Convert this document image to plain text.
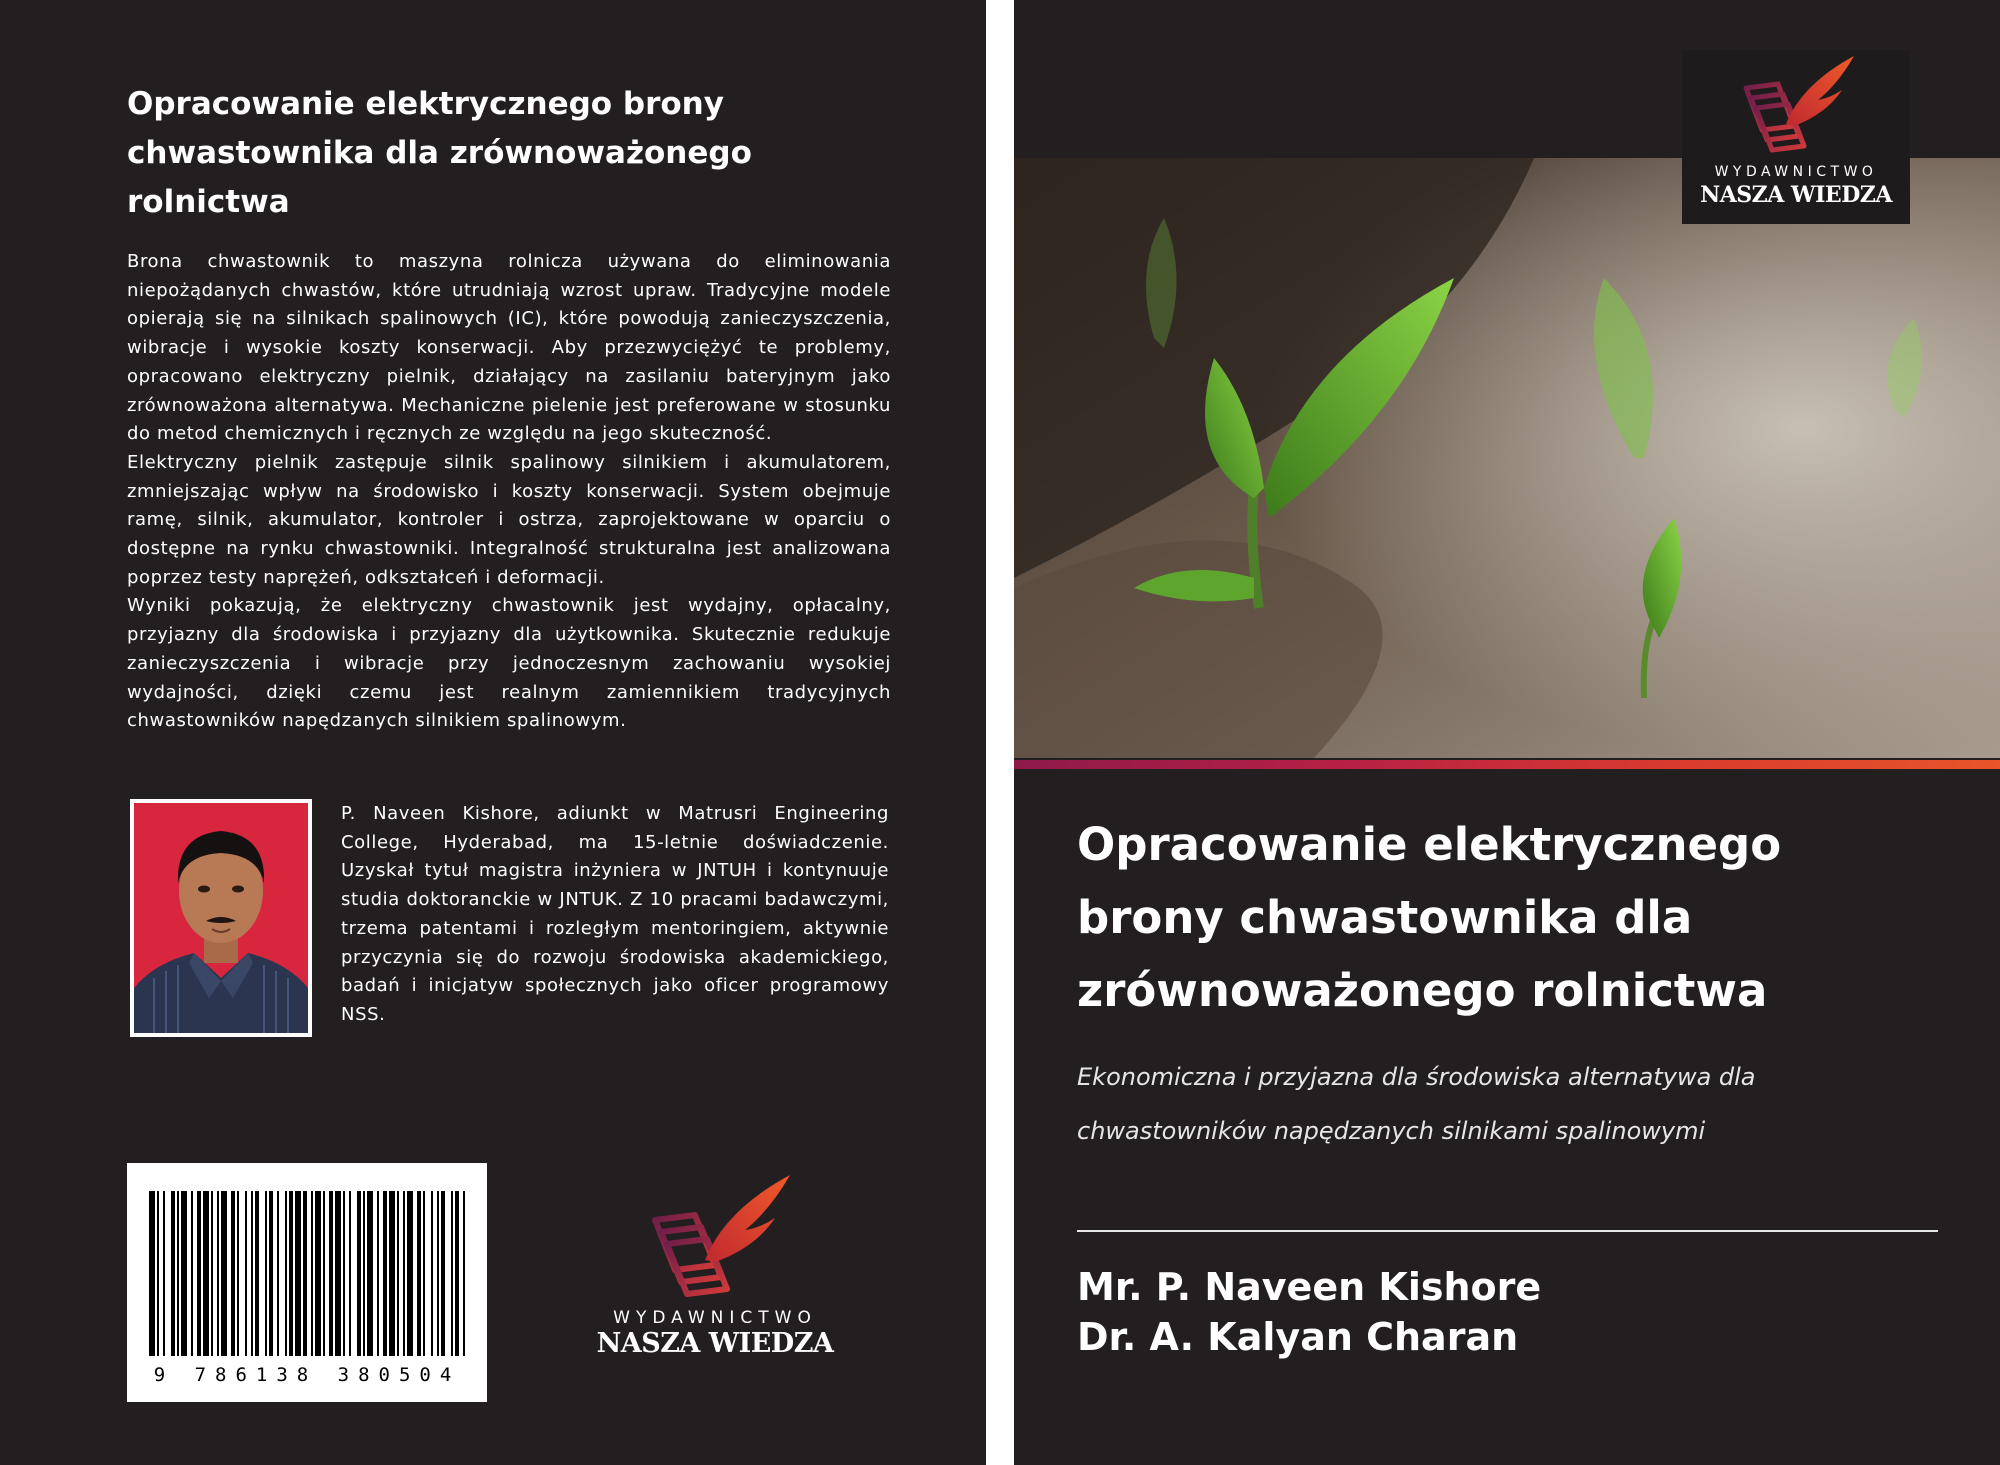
Opracowanie elektrycznego brony chwastownika dla zrównoważonego rolnictwa

Brona chwastownik to maszyna rolnicza używana do eliminowania niepożądanych chwastów, które utrudniają wzrost upraw. Tradycyjne modele opierają się na silnikach spalinowych (IC), które powodują zanieczyszczenia, wibracje i wysokie koszty konserwacji. Aby przezwyciężyć te problemy, opracowano elektryczny pielnik, działający na zasilaniu bateryjnym jako zrównoważona alternatywa. Mechaniczne pielenie jest preferowane w stosunku do metod chemicznych i ręcznych ze względu na jego skuteczność.

Elektryczny pielnik zastępuje silnik spalinowy silnikiem i akumulatorem, zmniejszając wpływ na środowisko i koszty konserwacji. System obejmuje ramę, silnik, akumulator, kontroler i ostrza, zaprojektowane w oparciu o dostępne na rynku chwastowniki. Integralność strukturalna jest analizowana poprzez testy naprężeń, odkształceń i deformacji.

Wyniki pokazują, że elektryczny chwastownik jest wydajny, opłacalny, przyjazny dla środowiska i przyjazny dla użytkownika. Skutecznie redukuje zanieczyszczenia i wibracje przy jednoczesnym zachowaniu wysokiej wydajności, dzięki czemu jest realnym zamiennikiem tradycyjnych chwastowników napędzanych silnikiem spalinowym.

P. Naveen Kishore, adiunkt w Matrusri Engineering College, Hyderabad, ma 15-letnie doświadczenie. Uzyskał tytuł magistra inżyniera w JNTUH i kontynuuje studia doktoranckie w JNTUK. Z 10 pracami badawczymi, trzema patentami i rozległym mentoringiem, aktywnie przyczynia się do rozwoju środowiska akademickiego, badań i inicjatyw społecznych jako oficer programowy NSS.

9 786138 380504
WYDAWNICTWO
NASZA WIEDZA
WYDAWNICTWO
NASZA WIEDZA
Opracowanie elektrycznego
brony chwastownika dla
zrównoważonego rolnictwa
Ekonomiczna i przyjazna dla środowiska alternatywa dla
chwastowników napędzanych silnikami spalinowymi
Mr. P. Naveen Kishore
Dr. A. Kalyan Charan
